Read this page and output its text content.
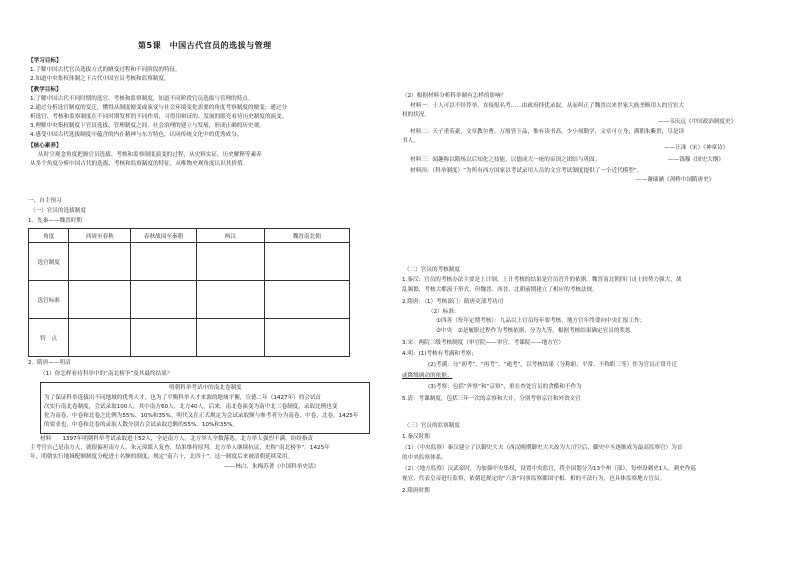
第5课　中国古代官员的选拔与管理
【学习目标】
1.了解中国古代官员选拔方式的嬗变过程和不同阶段的特征。
2.知道中央集权体制之下古代中国官员考核和监察制度。
【教学目标】
1.了解中国古代不同时期的选官、考核和监察制度，知道不同阶段官员选拔与管理的特点。
2.通过分析选官制度的变迁，懂得从制度嬗变或演变与社会环境变化需要的角度考察制度的嬗变；通过分
析选官、考核和监察制度在不同时期发挥的不同作用，习得用辩证的、发展的眼光看待历史制度的演变。
3.理解中央集权制度下官员选拔、管理制度之间、社会治理的建立与发展，形成正确的历史观。
4.感受中国古代选拔制度中蕴含的内在精神与东方特色，认同传统文化中的优秀成分。
【核心素养】
从时空观念角度把握官员选拔、考核和监察制度演变的过程，从史料实证、历史解释等素养
从多个角度分析中国古代的选拔、考核和监察制度的特征，从唯物史观角度认识其价值。
一、自主预习
（一）官员的选拔制度
1．先秦——魏晋时期
角度	西周至春秋	春秋战国至秦朝	两汉	魏晋南北朝
选官制度				
选官标准				
特　点				
2．隋唐——明清
（1）你怎样看待科举中的“南北榜争”及其最终结果？
明朝科举考试中的南北卷制度
为了保证科举选拔出不同地域的优秀人才，也为了平衡科举人才来源的地域平衡，宣德二年（1427年）的会试首
次实行南北卷制度，会试录取100人，其中南方60人，北方40人。后来，南北卷演变为南中北三卷制度，录取比例也变
化为南卷、中卷和北卷之比例为55%、10%和35%。明代又在正式规定为会试录取额与参考者分为南卷、中卷、北卷，1425年
的要求也，中卷和北卷的录取人数分别占会试录取总额的55%、10%和35%。
材料　　1397年明朝科举考试录取进士52人，全是南方人，北方举人全数落选。北方举人强烈不满，纷纷指责
主考官自己是南方人，就很偏袒南方人，朱元璋派人复查，结果维持原判。北方举人继续抗议，史称“南北榜争”。1425年
年，明朝实行地域配额制度分配进士名额的制度，规定“南六十，北四十”。这一制度后来被清朝延续采用。
——林白、朱梅苏著《中国科举史话》
（2）根据材料分析科举制有怎样的影响？
材料一：士人可以不经荐举，直接报名考……由政府择优录取，从而纠正了魏晋以来世家大族垄断用人的官宦大
权的状况。
——韦庆远《中国政治制度史》
材料二：天子重英豪，文章教尔曹。万般皆下品，惟有读书高。少小须勤学，文章可立身；满朝朱紫贵，尽是读
书人。
——汪洙（宋）《神童诗》
材料三：闻趣称以隋炀以后知化之技能，以德成大一统的帝国之团结与巩固。	——钱穆《国史大纲》
材料四：（科举制度）“为所有西方国家以考试录用人员的文官考试制度提供了一个近代模型”。
——谢瑞涵《剑桥中国隋唐史》
（二）官员的考核制度
1.秦汉：官员的考核办法主要是上计制，上计考核的结果是官员晋升的依据。魏晋南北朝四门司士较势力强大，战
乱频繁，考核大都流于形式，但魏晋、西晋、北朝前期建立了相应的考核法规。
2.隋唐：（1）考核部门：隋唐吏部考功司
（2）标准：
①四善（每年定期考核）：九品以上官员每年要考核，地方官年终要向中央汇报工作；
②中央　②是履职过程作为考核依据，分为九等，根据考核结果确定官员的奖惩
3.宋：两院三级考核制度（审官院——审官，考课院——地方官）
4.明：(1)考核有考满和考察；
(2)考满：分“初考”、“再考”、“通考”，以考核结果（分称职、平常、不称职三等）作为官员正常升迁
或降级调动的依据；
(3)考察：包括“外察”和“京察”，重在查处官员的贪酷和不作为
5.清：考课制度，包括三年一次的京察和大计，分别考察京官和外省文官
（三）官员的监察制度
1.秦汉时期
（1）（中央监察）秦汉建立了以御史大夫（西汉晚期御史大夫改为大司空后，御史中丞逐渐成为最高监察官）为首
的中央监察体系。
（2）（地方监察）汉武帝时，为加强中央集权，设置中央监官，将全国划分为13个州（部），每州设刺史1人。刺史作巡
视官，代表皇帝进行监察，依朝廷规定的“六条”问事监察郡国守相、相的不法行为，也具体监察地方官员。
2.隋唐时期
